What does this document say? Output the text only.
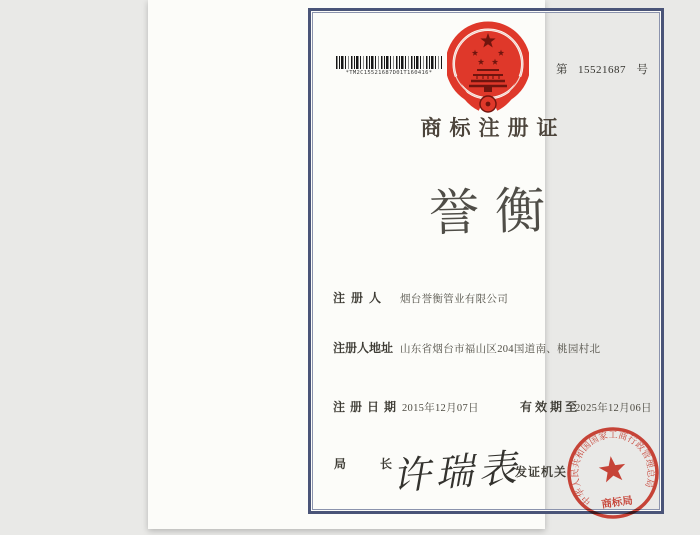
*TM2C15521687D01T160416*	第 15521687 号
商标注册证
誉衡
注册人 烟台誉衡管业有限公司
注册人地址 山东省烟台市福山区204国道南、桃园村北
注册日期 2015年12月07日	有效期至
2025年12月06日
局 长
许瑞表
发证机关
中华人民共和国国家工商行政管理总局
商标局
